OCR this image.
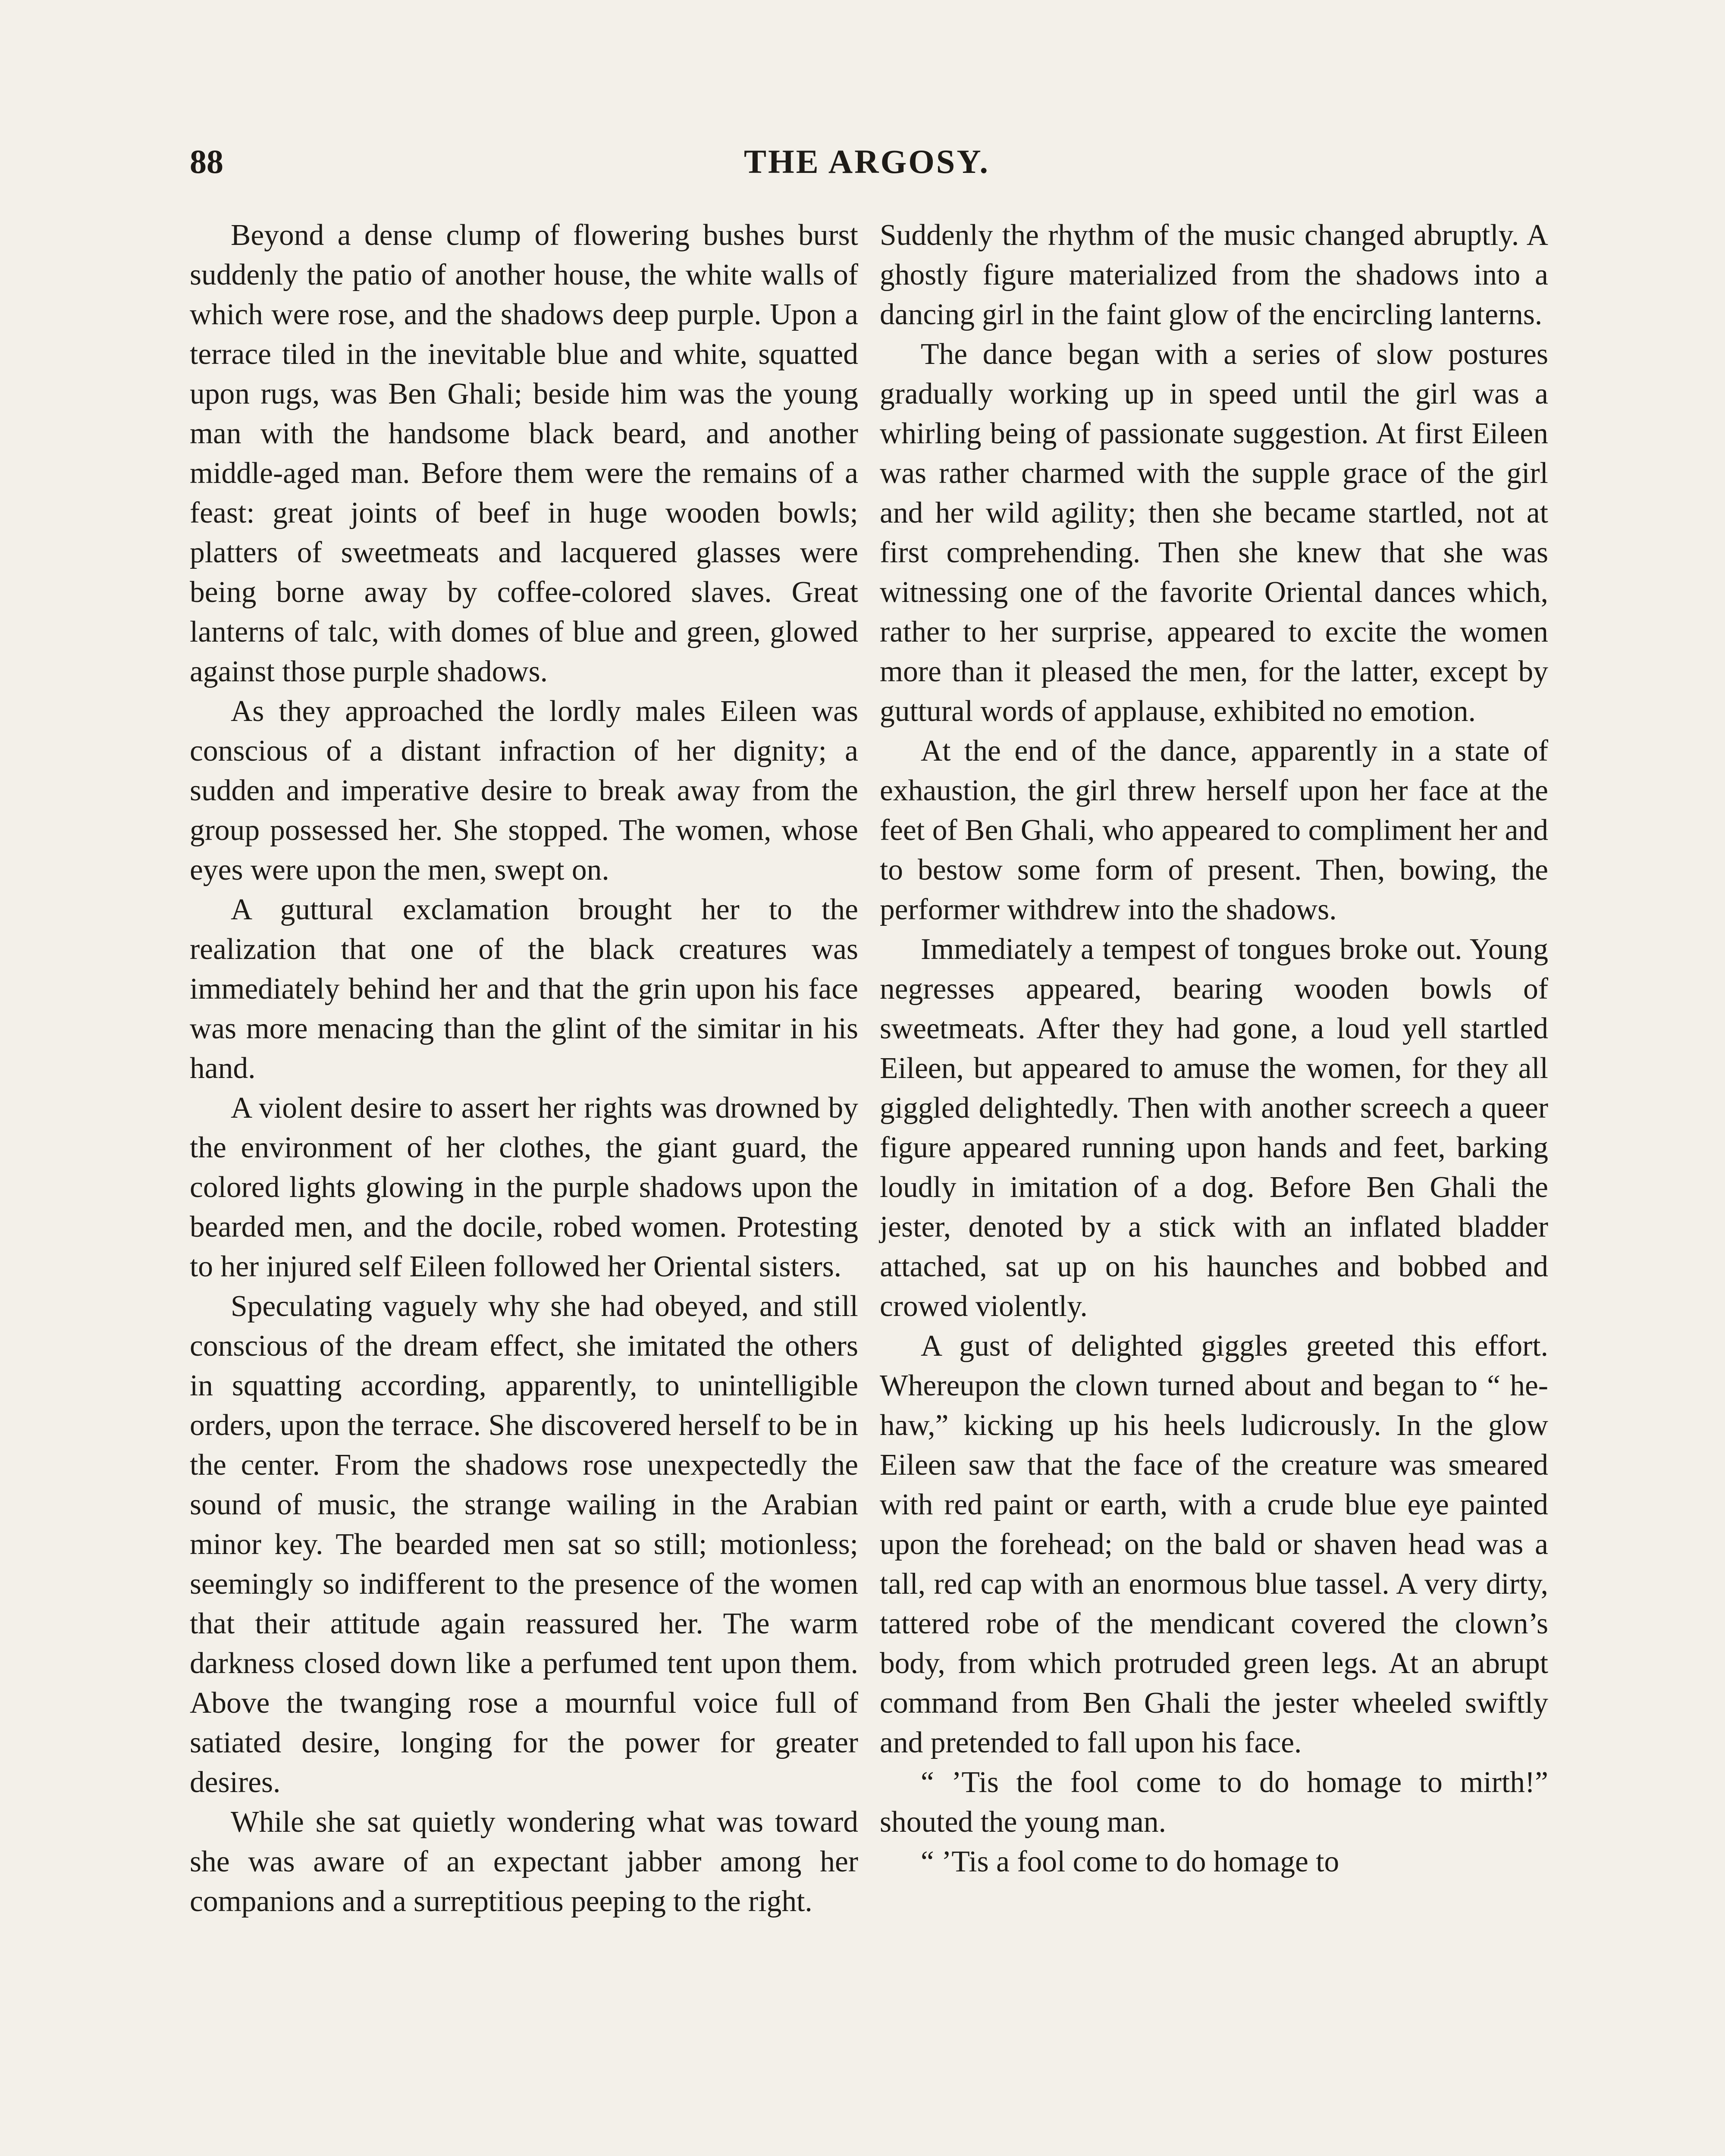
88	THE ARGOSY.

Beyond a dense clump of flowering bushes burst suddenly the patio of another house, the white walls of which were rose, and the shadows deep purple. Upon a terrace tiled in the inevitable blue and white, squatted upon rugs, was Ben Ghali; beside him was the young man with the handsome black beard, and another middle-aged man. Before them were the remains of a feast: great joints of beef in huge wooden bowls; platters of sweetmeats and lacquered glasses were being borne away by coffee-colored slaves. Great lanterns of talc, with domes of blue and green, glowed against those purple shadows.

As they approached the lordly males Eileen was conscious of a distant infraction of her dignity; a sudden and imperative desire to break away from the group possessed her. She stopped. The women, whose eyes were upon the men, swept on.

A guttural exclamation brought her to the realization that one of the black creatures was immediately behind her and that the grin upon his face was more menacing than the glint of the simitar in his hand.

A violent desire to assert her rights was drowned by the environment of her clothes, the giant guard, the colored lights glowing in the purple shadows upon the bearded men, and the docile, robed women. Protesting to her injured self Eileen followed her Oriental sisters.

Speculating vaguely why she had obeyed, and still conscious of the dream effect, she imitated the others in squatting according, apparently, to unintelligible orders, upon the terrace. She discovered herself to be in the center. From the shadows rose unexpectedly the sound of music, the strange wailing in the Arabian minor key. The bearded men sat so still; motionless; seemingly so indifferent to the presence of the women that their attitude again reassured her. The warm darkness closed down like a perfumed tent upon them. Above the twanging rose a mournful voice full of satiated desire, longing for the power for greater desires.

While she sat quietly wondering what was toward she was aware of an expectant jabber among her companions and a surreptitious peeping to the right.

Suddenly the rhythm of the music changed abruptly. A ghostly figure materialized from the shadows into a dancing girl in the faint glow of the encircling lanterns.

The dance began with a series of slow postures gradually working up in speed until the girl was a whirling being of passionate suggestion. At first Eileen was rather charmed with the supple grace of the girl and her wild agility; then she became startled, not at first comprehending. Then she knew that she was witnessing one of the favorite Oriental dances which, rather to her surprise, appeared to excite the women more than it pleased the men, for the latter, except by guttural words of applause, exhibited no emotion.

At the end of the dance, apparently in a state of exhaustion, the girl threw herself upon her face at the feet of Ben Ghali, who appeared to compliment her and to bestow some form of present. Then, bowing, the performer withdrew into the shadows.

Immediately a tempest of tongues broke out. Young negresses appeared, bearing wooden bowls of sweetmeats. After they had gone, a loud yell startled Eileen, but appeared to amuse the women, for they all giggled delightedly. Then with another screech a queer figure appeared running upon hands and feet, barking loudly in imitation of a dog. Before Ben Ghali the jester, denoted by a stick with an inflated bladder attached, sat up on his haunches and bobbed and crowed violently.

A gust of delighted giggles greeted this effort. Whereupon the clown turned about and began to “ he-haw,” kicking up his heels ludicrously. In the glow Eileen saw that the face of the creature was smeared with red paint or earth, with a crude blue eye painted upon the forehead; on the bald or shaven head was a tall, red cap with an enormous blue tassel. A very dirty, tattered robe of the mendicant covered the clown’s body, from which protruded green legs. At an abrupt command from Ben Ghali the jester wheeled swiftly and pretended to fall upon his face.

“ ’Tis the fool come to do homage to mirth!” shouted the young man.

“ ’Tis a fool come to do homage to
